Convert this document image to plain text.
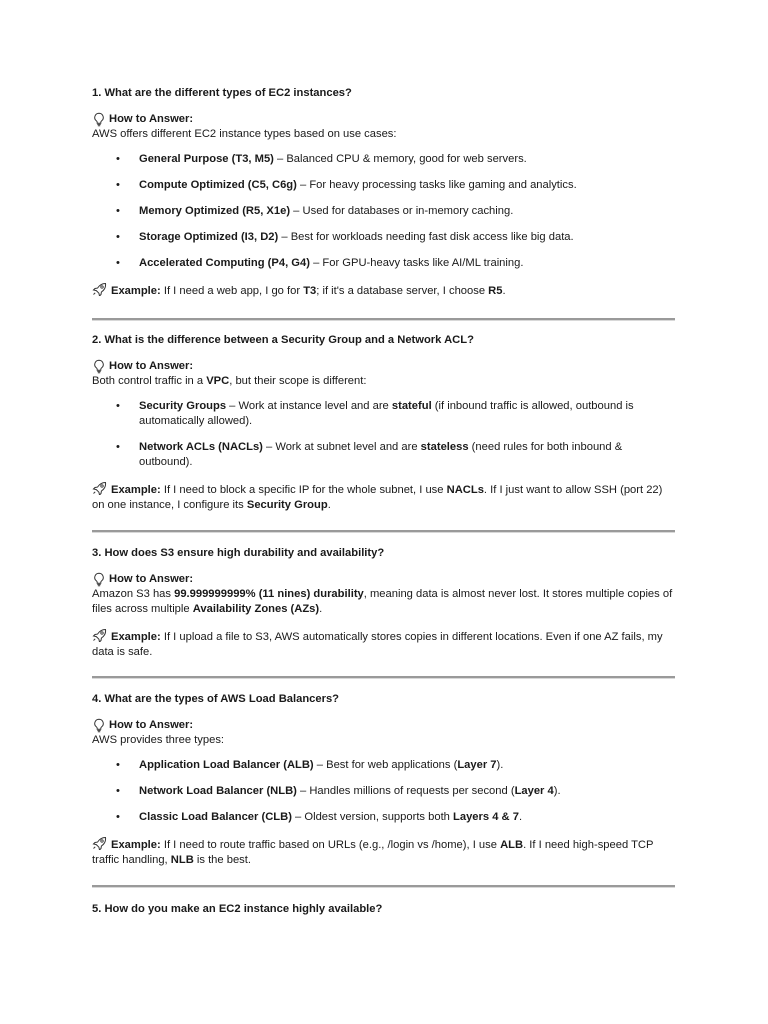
1. What are the different types of EC2 instances?

How to Answer:

AWS offers different EC2 instance types based on use cases:

• General Purpose (T3, M5) – Balanced CPU & memory, good for web servers.
• Compute Optimized (C5, C6g) – For heavy processing tasks like gaming and analytics.
• Memory Optimized (R5, X1e) – Used for databases or in-memory caching.
• Storage Optimized (I3, D2) – Best for workloads needing fast disk access like big data.
• Accelerated Computing (P4, G4) – For GPU-heavy tasks like AI/ML training.

Example: If I need a web app, I go for T3; if it's a database server, I choose R5.

2. What is the difference between a Security Group and a Network ACL?

How to Answer:

Both control traffic in a VPC, but their scope is different:

• Security Groups – Work at instance level and are stateful (if inbound traffic is allowed, outbound is automatically allowed).
• Network ACLs (NACLs) – Work at subnet level and are stateless (need rules for both inbound & outbound).

Example: If I need to block a specific IP for the whole subnet, I use NACLs. If I just want to allow SSH (port 22) on one instance, I configure its Security Group.

3. How does S3 ensure high durability and availability?

How to Answer:

Amazon S3 has 99.999999999% (11 nines) durability, meaning data is almost never lost. It stores multiple copies of files across multiple Availability Zones (AZs).

Example: If I upload a file to S3, AWS automatically stores copies in different locations. Even if one AZ fails, my data is safe.

4. What are the types of AWS Load Balancers?

How to Answer:

AWS provides three types:

• Application Load Balancer (ALB) – Best for web applications (Layer 7).
• Network Load Balancer (NLB) – Handles millions of requests per second (Layer 4).
• Classic Load Balancer (CLB) – Oldest version, supports both Layers 4 & 7.

Example: If I need to route traffic based on URLs (e.g., /login vs /home), I use ALB. If I need high-speed TCP traffic handling, NLB is the best.

5. How do you make an EC2 instance highly available?
